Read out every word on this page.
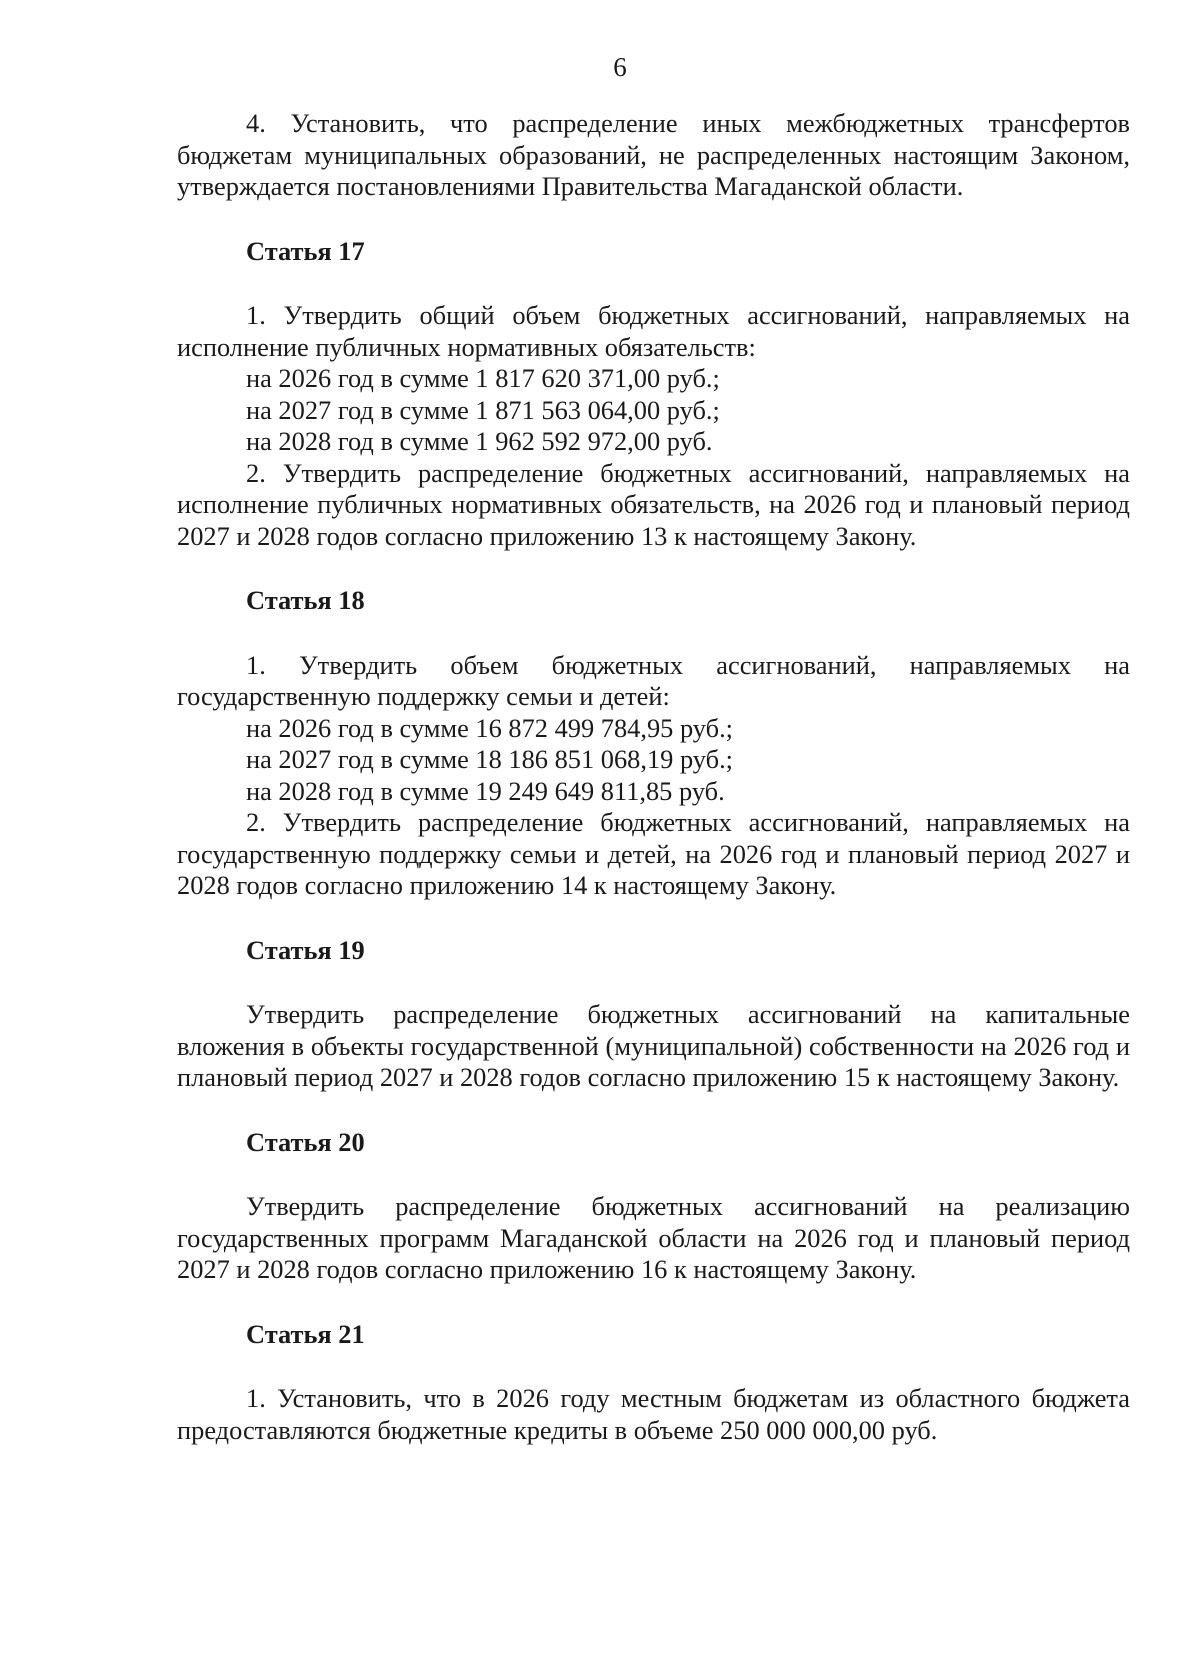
6

4. Установить, что распределение иных межбюджетных трансфертов бюджетам муниципальных образований, не распределенных настоящим Законом, утверждается постановлениями Правительства Магаданской области.

Статья 17

1. Утвердить общий объем бюджетных ассигнований, направляемых на исполнение публичных нормативных обязательств:

на 2026 год в сумме 1 817 620 371,00 руб.;

на 2027 год в сумме 1 871 563 064,00 руб.;

на 2028 год в сумме 1 962 592 972,00 руб.

2. Утвердить распределение бюджетных ассигнований, направляемых на исполнение публичных нормативных обязательств, на 2026 год и плановый период 2027 и 2028 годов согласно приложению 13 к настоящему Закону.

Статья 18

1. Утвердить объем бюджетных ассигнований, направляемых на государственную поддержку семьи и детей:

на 2026 год в сумме 16 872 499 784,95 руб.;

на 2027 год в сумме 18 186 851 068,19 руб.;

на 2028 год в сумме 19 249 649 811,85 руб.

2. Утвердить распределение бюджетных ассигнований, направляемых на государственную поддержку семьи и детей, на 2026 год и плановый период 2027 и 2028 годов согласно приложению 14 к настоящему Закону.

Статья 19

Утвердить распределение бюджетных ассигнований на капитальные вложения в объекты государственной (муниципальной) собственности на 2026 год и плановый период 2027 и 2028 годов согласно приложению 15 к настоящему Закону.

Статья 20

Утвердить распределение бюджетных ассигнований на реализацию государственных программ Магаданской области на 2026 год и плановый период 2027 и 2028 годов согласно приложению 16 к настоящему Закону.

Статья 21

1. Установить, что в 2026 году местным бюджетам из областного бюджета предоставляются бюджетные кредиты в объеме 250 000 000,00 руб.
